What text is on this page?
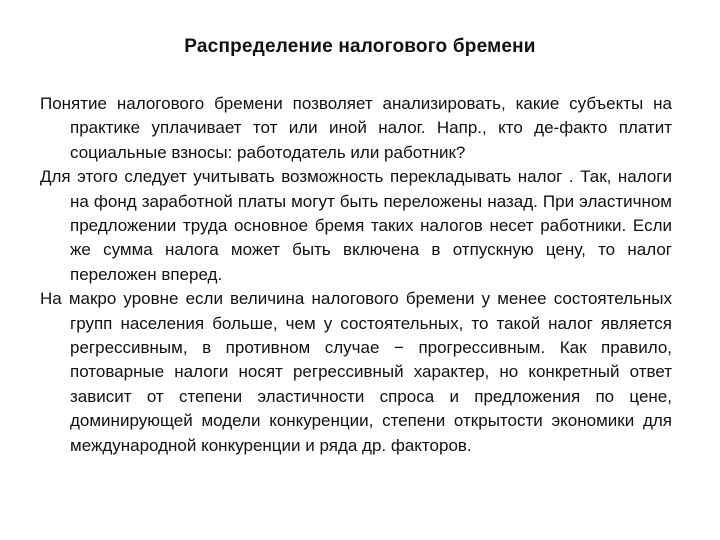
Распределение налогового бремени

Понятие налогового бремени позволяет анализировать, какие субъекты на практике уплачивает тот или иной налог. Напр., кто де-факто платит социальные взносы: работодатель или работник?

Для этого следует учитывать возможность перекладывать налог . Так, налоги на фонд заработной платы могут быть переложены назад. При эластичном предложении труда основное бремя таких налогов несет работники. Если же сумма налога может быть включена в отпускную цену, то налог переложен вперед.

На макро уровне если величина налогового бремени у менее состоятельных групп населения больше, чем у состоятельных, то такой налог является регрессивным, в противном случае − прогрессивным. Как правило, потоварные налоги носят регрессивный характер, но конкретный ответ зависит от степени эластичности спроса и предложения по цене, доминирующей модели конкуренции, степени открытости экономики для международной конкуренции и ряда др. факторов.
